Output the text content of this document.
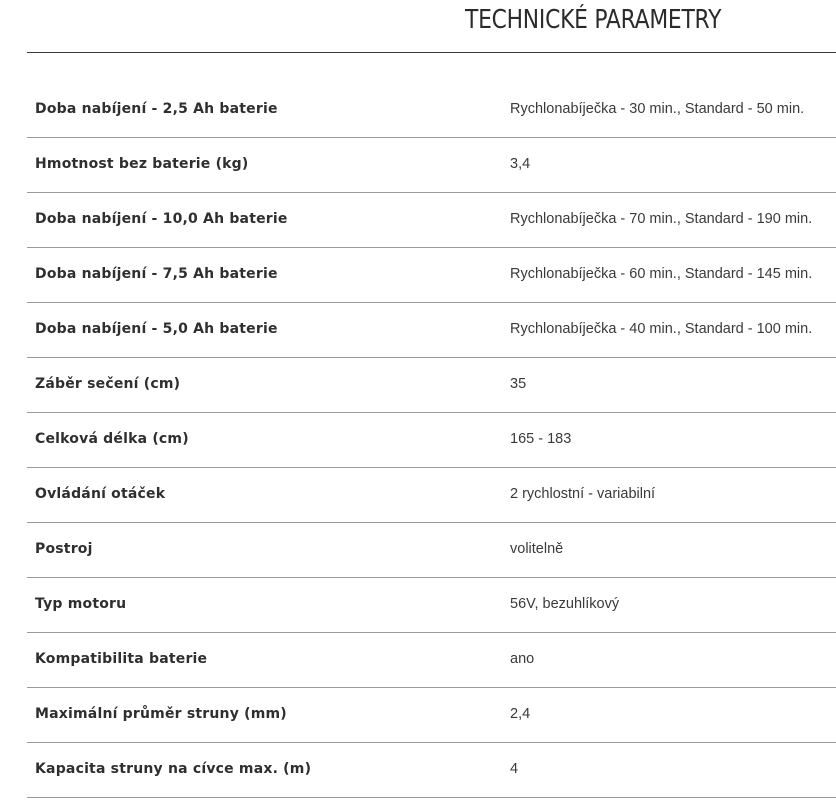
TECHNICKÉ PARAMETRY
Doba nabíjení - 2,5 Ah baterie	Rychlonabíječka - 30 min., Standard - 50 min.
Hmotnost bez baterie (kg)	3,4
Doba nabíjení - 10,0 Ah baterie	Rychlonabíječka - 70 min., Standard - 190 min.
Doba nabíjení - 7,5 Ah baterie	Rychlonabíječka - 60 min., Standard - 145 min.
Doba nabíjení - 5,0 Ah baterie	Rychlonabíječka - 40 min., Standard - 100 min.
Záběr sečení (cm)	35
Celková délka (cm)	165 - 183
Ovládání otáček	2 rychlostní - variabilní
Postroj	volitelně
Typ motoru	56V, bezuhlíkový
Kompatibilita baterie	ano
Maximální průměr struny (mm)	2,4
Kapacita struny na cívce max. (m)	4
